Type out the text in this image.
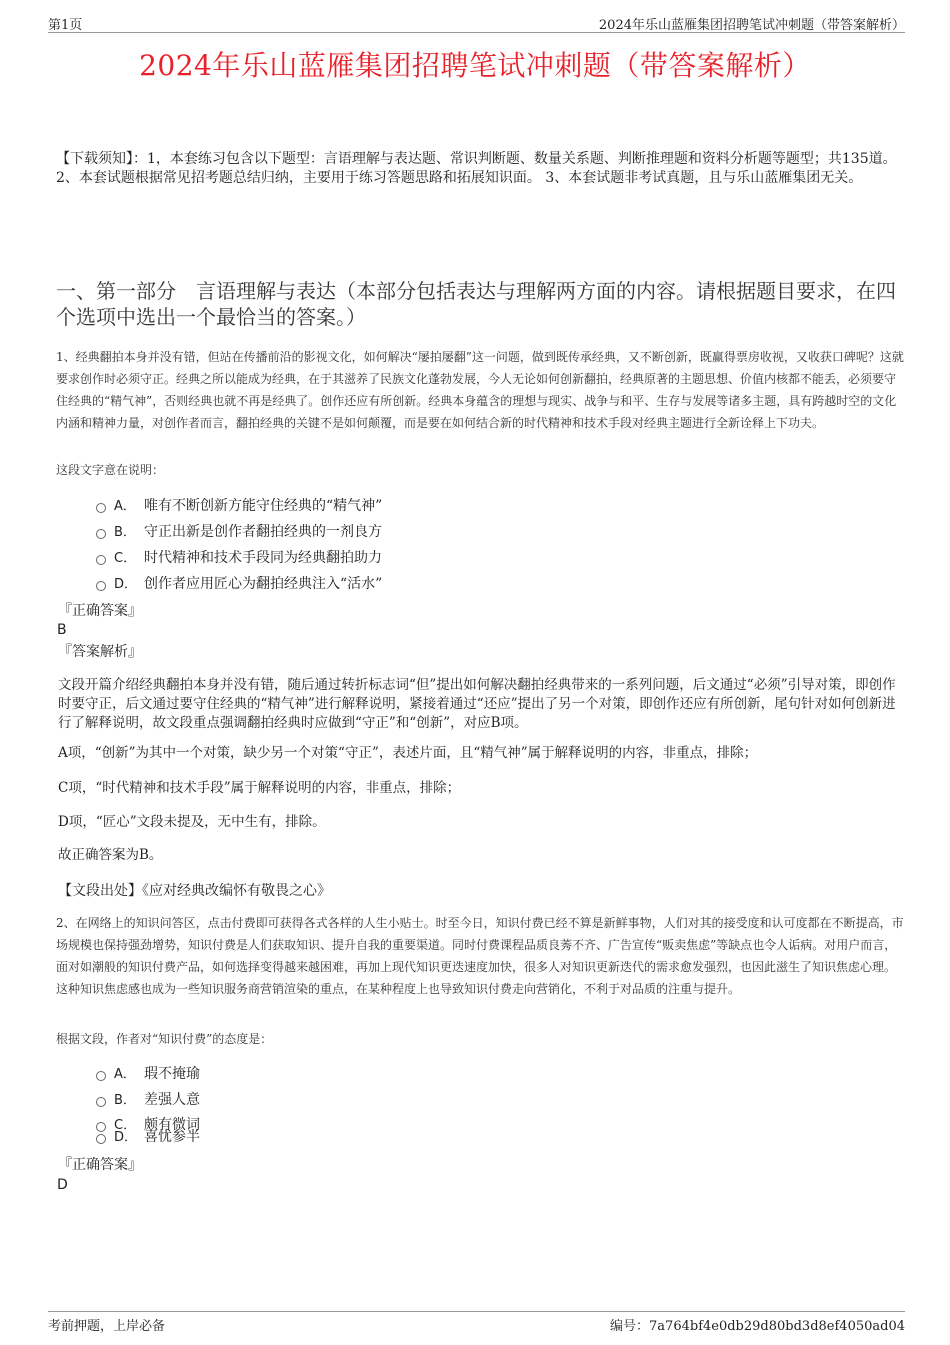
第1页	2024年乐山蓝雁集团招聘笔试冲刺题（带答案解析）
2024年乐山蓝雁集团招聘笔试冲刺题（带答案解析）
【下载须知】：1，本套练习包含以下题型：言语理解与表达题、常识判断题、数量关系题、判断推理题和资料分析题等题型；共135道。 2、本套试题根据常见招考题总结归纳，主要用于练习答题思路和拓展知识面。 3、本套试题非考试真题，且与乐山蓝雁集团无关。
一、第一部分　言语理解与表达（本部分包括表达与理解两方面的内容。请根据题目要求，在四个选项中选出一个最恰当的答案。）
1、经典翻拍本身并没有错，但站在传播前沿的影视文化，如何解决“屡拍屡翻”这一问题，做到既传承经典，又不断创新，既赢得票房收视，又收获口碑呢？这就要求创作时必须守正。经典之所以能成为经典，在于其滋养了民族文化蓬勃发展，今人无论如何创新翻拍，经典原著的主题思想、价值内核都不能丢，必须要守住经典的“精气神”，否则经典也就不再是经典了。创作还应有所创新。经典本身蕴含的理想与现实、战争与和平、生存与发展等诸多主题，具有跨越时空的文化内涵和精神力量，对创作者而言，翻拍经典的关键不是如何颠覆，而是要在如何结合新的时代精神和技术手段对经典主题进行全新诠释上下功夫。
这段文字意在说明：
A． 唯有不断创新方能守住经典的“精气神”
B． 守正出新是创作者翻拍经典的一剂良方
C． 时代精神和技术手段同为经典翻拍助力
D． 创作者应用匠心为翻拍经典注入“活水”
『正确答案』
B
『答案解析』
文段开篇介绍经典翻拍本身并没有错，随后通过转折标志词“但”提出如何解决翻拍经典带来的一系列问题，后文通过“必须”引导对策，即创作时要守正，后文通过要守住经典的“精气神”进行解释说明，紧接着通过“还应”提出了另一个对策，即创作还应有所创新，尾句针对如何创新进行了解释说明，故文段重点强调翻拍经典时应做到“守正”和“创新”，对应B项。
A项，“创新”为其中一个对策，缺少另一个对策“守正”，表述片面，且“精气神”属于解释说明的内容，非重点，排除；
C项，“时代精神和技术手段”属于解释说明的内容，非重点，排除；
D项，“匠心”文段未提及，无中生有，排除。
故正确答案为B。
【文段出处】《应对经典改编怀有敬畏之心》
2、在网络上的知识问答区，点击付费即可获得各式各样的人生小贴士。时至今日，知识付费已经不算是新鲜事物，人们对其的接受度和认可度都在不断提高，市场规模也保持强劲增势，知识付费是人们获取知识、提升自我的重要渠道。同时付费课程品质良莠不齐、广告宣传“贩卖焦虑”等缺点也令人诟病。对用户而言，面对如潮般的知识付费产品，如何选择变得越来越困难，再加上现代知识更迭速度加快，很多人对知识更新迭代的需求愈发强烈，也因此滋生了知识焦虑心理。这种知识焦虑感也成为一些知识服务商营销渲染的重点，在某种程度上也导致知识付费走向营销化，不利于对品质的注重与提升。
根据文段，作者对“知识付费”的态度是：
A． 瑕不掩瑜
B． 差强人意
C． 颇有微词
D． 喜忧参半
『正确答案』
D
考前押题，上岸必备	编号：7a764bf4e0db29d80bd3d8ef4050ad04
